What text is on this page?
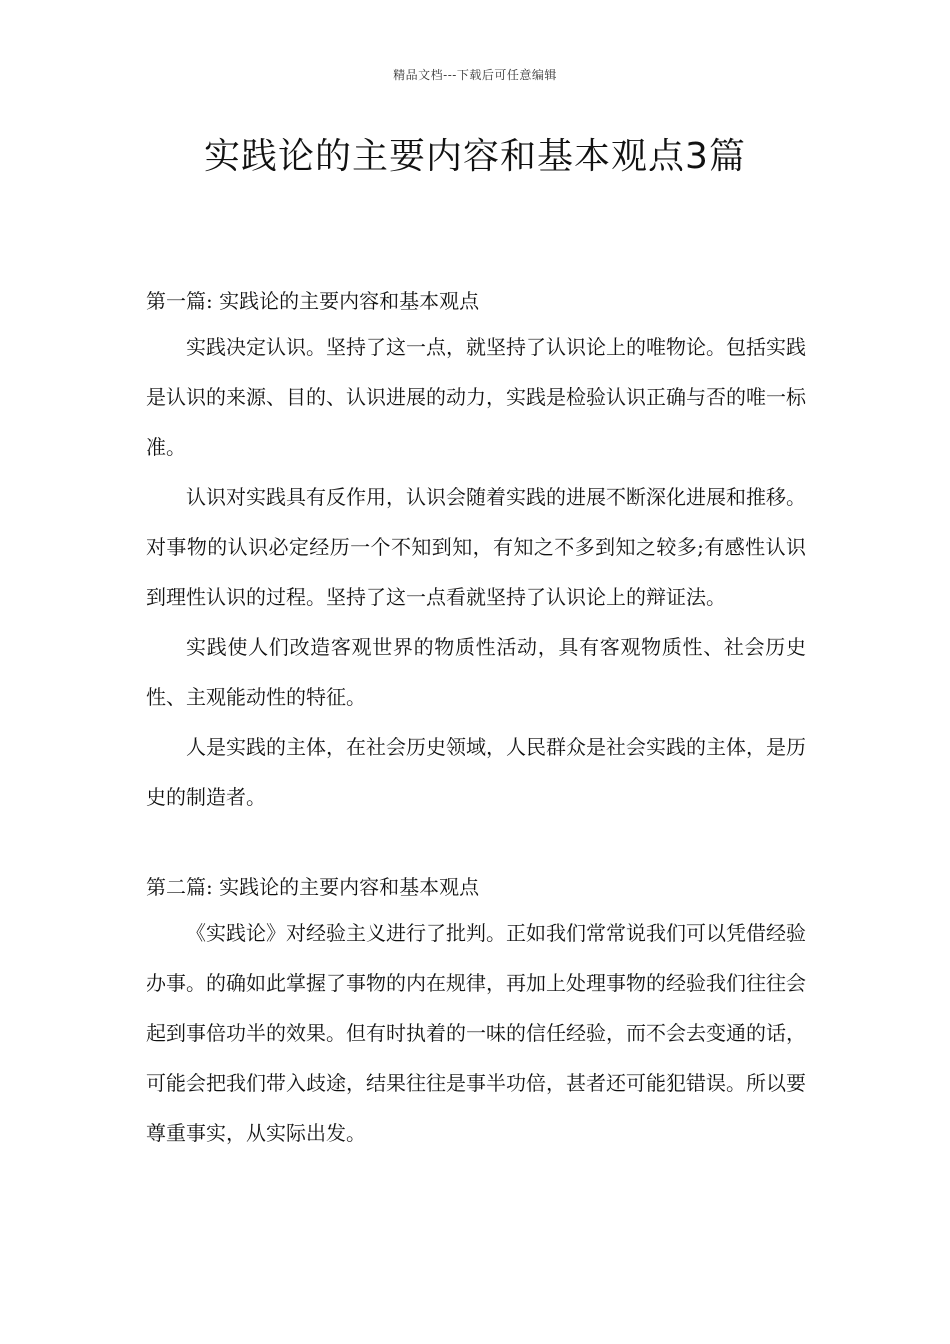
精品文档---下载后可任意编辑
实践论的主要内容和基本观点3篇

第一篇: 实践论的主要内容和基本观点

实践决定认识。坚持了这一点，就坚持了认识论上的唯物论。包括实践是认识的来源、目的、认识进展的动力，实践是检验认识正确与否的唯一标准。

认识对实践具有反作用，认识会随着实践的进展不断深化进展和推移。对事物的认识必定经历一个不知到知，有知之不多到知之较多;有感性认识到理性认识的过程。坚持了这一点看就坚持了认识论上的辩证法。

实践使人们改造客观世界的物质性活动，具有客观物质性、社会历史性、主观能动性的特征。

人是实践的主体，在社会历史领域，人民群众是社会实践的主体，是历史的制造者。

第二篇: 实践论的主要内容和基本观点

《实践论》对经验主义进行了批判。正如我们常常说我们可以凭借经验办事。的确如此掌握了事物的内在规律，再加上处理事物的经验我们往往会起到事倍功半的效果。但有时执着的一味的信任经验，而不会去变通的话，可能会把我们带入歧途，结果往往是事半功倍，甚者还可能犯错误。所以要尊重事实，从实际出发。
